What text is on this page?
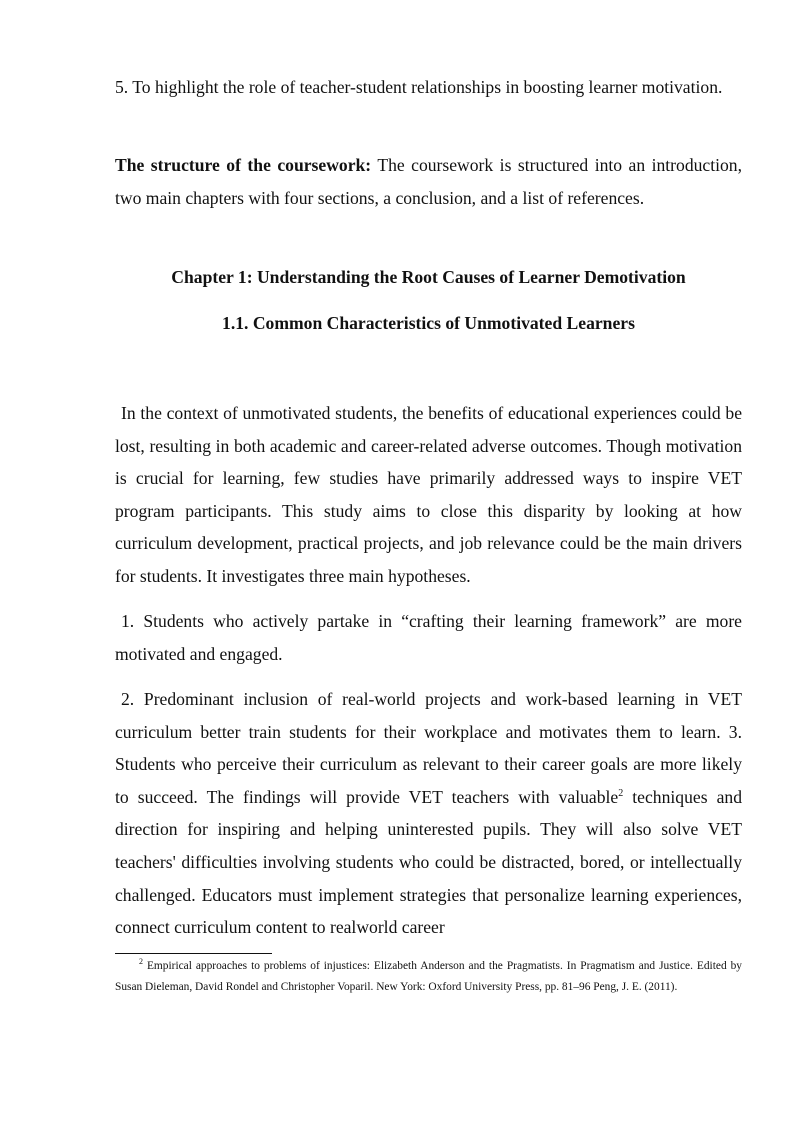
5. To highlight the role of teacher-student relationships in boosting learner motivation.

The structure of the coursework: The coursework is structured into an introduction, two main chapters with four sections, a conclusion, and a list of references.

Chapter 1: Understanding the Root Causes of Learner Demotivation
1.1. Common Characteristics of Unmotivated Learners

In the context of unmotivated students, the benefits of educational experiences could be lost, resulting in both academic and career-related adverse outcomes. Though motivation is crucial for learning, few studies have primarily addressed ways to inspire VET program participants. This study aims to close this disparity by looking at how curriculum development, practical projects, and job relevance could be the main drivers for students. It investigates three main hypotheses.

1. Students who actively partake in “crafting their learning framework” are more motivated and engaged.

2. Predominant inclusion of real-world projects and work-based learning in VET curriculum better train students for their workplace and motivates them to learn. 3. Students who perceive their curriculum as relevant to their career goals are more likely to succeed. The findings will provide VET teachers with valuable$^2$ techniques and direction for inspiring and helping uninterested pupils. They will also solve VET teachers' difficulties involving students who could be distracted, bored, or intellectually challenged. Educators must implement strategies that personalize learning experiences, connect curriculum content to realworld career

$^2$ Empirical approaches to problems of injustices: Elizabeth Anderson and the Pragmatists. In Pragmatism and Justice. Edited by Susan Dieleman, David Rondel and Christopher Voparil. New York: Oxford University Press, pp. 81–96 Peng, J. E. (2011).
